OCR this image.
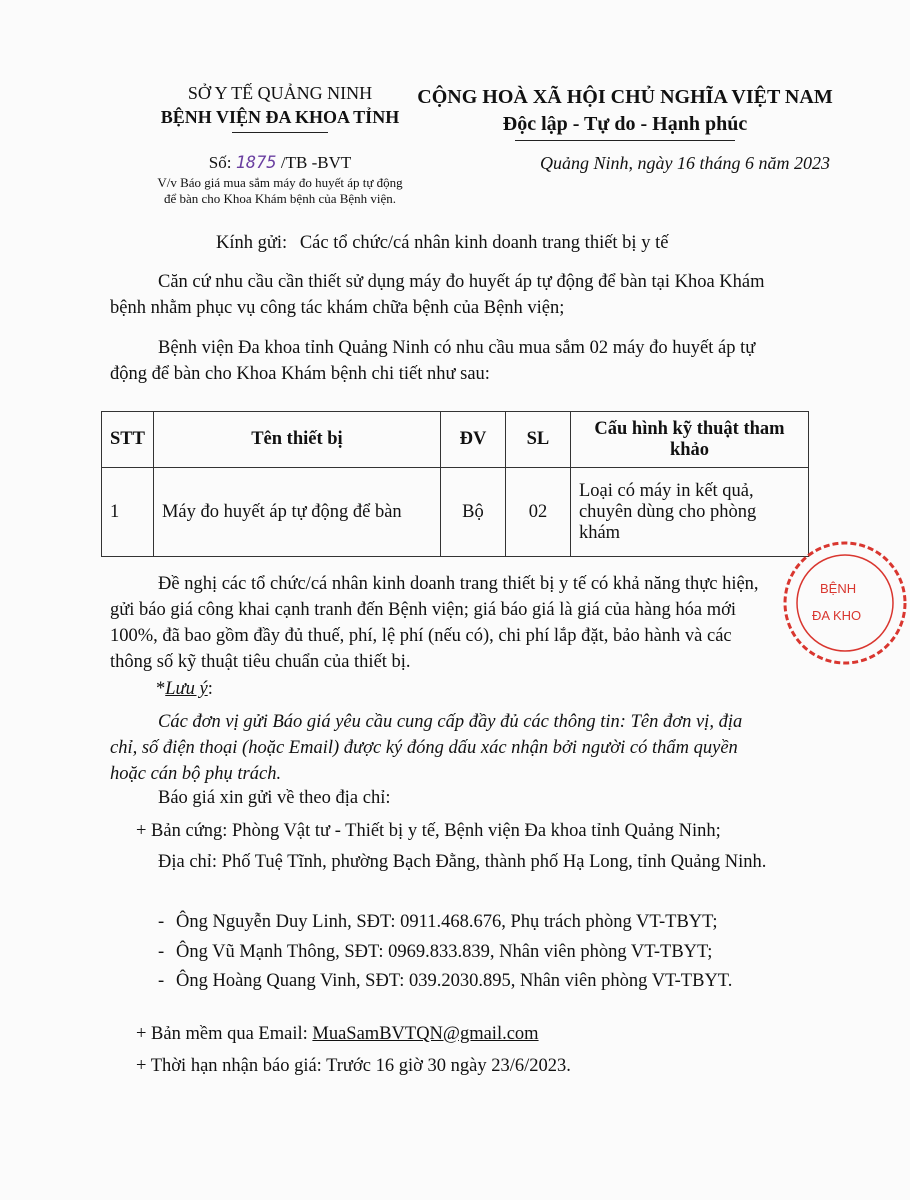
SỞ Y TẾ QUẢNG NINH
BỆNH VIỆN ĐA KHOA TỈNH
CỘNG HOÀ XÃ HỘI CHỦ NGHĨA VIỆT NAM
Độc lập - Tự do - Hạnh phúc
Số: 1875 /TB -BVT
V/v Báo giá mua sắm máy đo huyết áp tự động
để bàn cho Khoa Khám bệnh của Bệnh viện.
Quảng Ninh, ngày 16 tháng 6 năm 2023
Kính gửi: Các tổ chức/cá nhân kinh doanh trang thiết bị y tế
Căn cứ nhu cầu cần thiết sử dụng máy đo huyết áp tự động để bàn tại Khoa Khám bệnh nhằm phục vụ công tác khám chữa bệnh của Bệnh viện;
Bệnh viện Đa khoa tỉnh Quảng Ninh có nhu cầu mua sắm 02 máy đo huyết áp tự động để bàn cho Khoa Khám bệnh chi tiết như sau:
STT	Tên thiết bị	ĐV	SL	Cấu hình kỹ thuật tham khảo
1	Máy đo huyết áp tự động để bàn	Bộ	02	Loại có máy in kết quả, chuyên dùng cho phòng khám
Đề nghị các tổ chức/cá nhân kinh doanh trang thiết bị y tế có khả năng thực hiện, gửi báo giá công khai cạnh tranh đến Bệnh viện; giá báo giá là giá của hàng hóa mới 100%, đã bao gồm đầy đủ thuế, phí, lệ phí (nếu có), chi phí lắp đặt, bảo hành và các thông số kỹ thuật tiêu chuẩn của thiết bị.
*Lưu ý:
Các đơn vị gửi Báo giá yêu cầu cung cấp đầy đủ các thông tin: Tên đơn vị, địa chỉ, số điện thoại (hoặc Email) được ký đóng dấu xác nhận bởi người có thẩm quyền hoặc cán bộ phụ trách.
Báo giá xin gửi về theo địa chỉ:
+ Bản cứng: Phòng Vật tư - Thiết bị y tế, Bệnh viện Đa khoa tỉnh Quảng Ninh;
Địa chỉ: Phố Tuệ Tĩnh, phường Bạch Đằng, thành phố Hạ Long, tỉnh Quảng Ninh.
- Ông Nguyễn Duy Linh, SĐT: 0911.468.676, Phụ trách phòng VT-TBYT;
- Ông Vũ Mạnh Thông, SĐT: 0969.833.839, Nhân viên phòng VT-TBYT;
- Ông Hoàng Quang Vinh, SĐT: 039.2030.895, Nhân viên phòng VT-TBYT.
+ Bản mềm qua Email: MuaSamBVTQN@gmail.com
+ Thời hạn nhận báo giá: Trước 16 giờ 30 ngày 23/6/2023.
BỆNH
ĐA KHO
